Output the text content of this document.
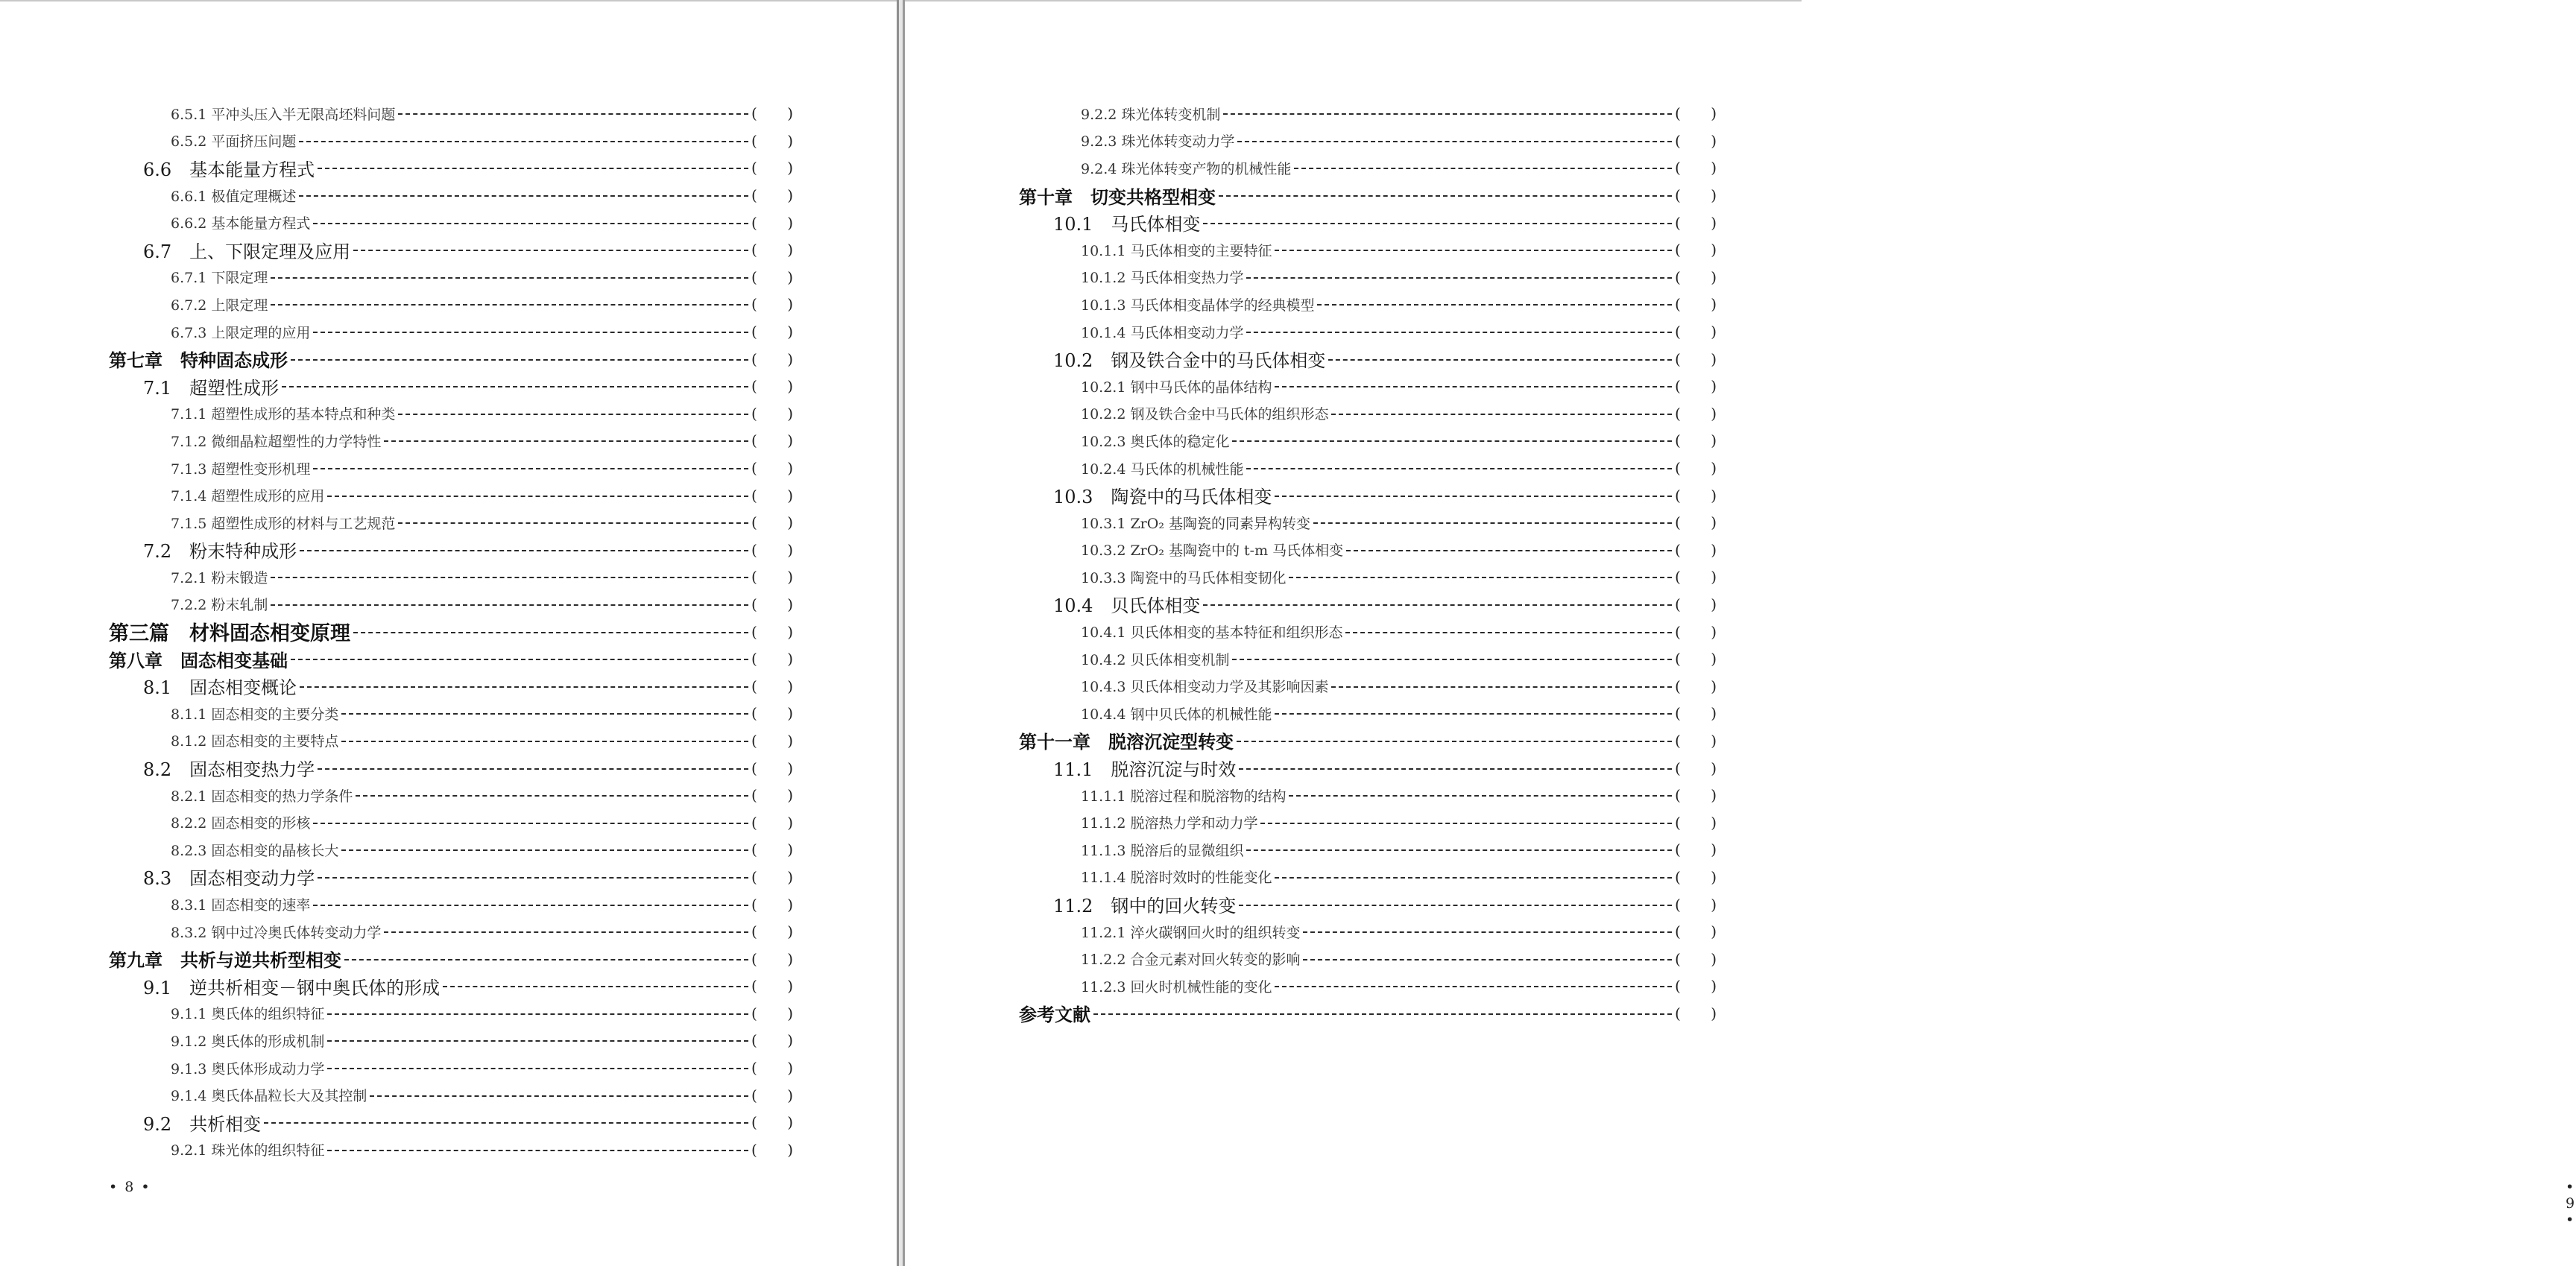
6.5.1 平冲头压入半无限高坯料问题	( )
6.5.2 平面挤压问题	( )
6.6　基本能量方程式	( )
6.6.1 极值定理概述	( )
6.6.2 基本能量方程式	( )
6.7　上、下限定理及应用	( )
6.7.1 下限定理	( )
6.7.2 上限定理	( )
6.7.3 上限定理的应用	( )
第七章　特种固态成形	( )
7.1　超塑性成形	( )
7.1.1 超塑性成形的基本特点和种类	( )
7.1.2 微细晶粒超塑性的力学特性	( )
7.1.3 超塑性变形机理	( )
7.1.4 超塑性成形的应用	( )
7.1.5 超塑性成形的材料与工艺规范	( )
7.2　粉末特种成形	( )
7.2.1 粉末锻造	( )
7.2.2 粉末轧制	( )
第三篇　材料固态相变原理	( )
第八章　固态相变基础	( )
8.1　固态相变概论	( )
8.1.1 固态相变的主要分类	( )
8.1.2 固态相变的主要特点	( )
8.2　固态相变热力学	( )
8.2.1 固态相变的热力学条件	( )
8.2.2 固态相变的形核	( )
8.2.3 固态相变的晶核长大	( )
8.3　固态相变动力学	( )
8.3.1 固态相变的速率	( )
8.3.2 钢中过冷奥氏体转变动力学	( )
第九章　共析与逆共析型相变	( )
9.1　逆共析相变－钢中奥氏体的形成	( )
9.1.1 奥氏体的组织特征	( )
9.1.2 奥氏体的形成机制	( )
9.1.3 奥氏体形成动力学	( )
9.1.4 奥氏体晶粒长大及其控制	( )
9.2　共析相变	( )
9.2.1 珠光体的组织特征	( )
• 8 •
9.2.2 珠光体转变机制	( )
9.2.3 珠光体转变动力学	( )
9.2.4 珠光体转变产物的机械性能	( )
第十章　切变共格型相变	( )
10.1　马氏体相变	( )
10.1.1 马氏体相变的主要特征	( )
10.1.2 马氏体相变热力学	( )
10.1.3 马氏体相变晶体学的经典模型	( )
10.1.4 马氏体相变动力学	( )
10.2　钢及铁合金中的马氏体相变	( )
10.2.1 钢中马氏体的晶体结构	( )
10.2.2 钢及铁合金中马氏体的组织形态	( )
10.2.3 奥氏体的稳定化	( )
10.2.4 马氏体的机械性能	( )
10.3　陶瓷中的马氏体相变	( )
10.3.1 ZrO₂ 基陶瓷的同素异构转变	( )
10.3.2 ZrO₂ 基陶瓷中的 t-m 马氏体相变	( )
10.3.3 陶瓷中的马氏体相变韧化	( )
10.4　贝氏体相变	( )
10.4.1 贝氏体相变的基本特征和组织形态	( )
10.4.2 贝氏体相变机制	( )
10.4.3 贝氏体相变动力学及其影响因素	( )
10.4.4 钢中贝氏体的机械性能	( )
第十一章　脱溶沉淀型转变	( )
11.1　脱溶沉淀与时效	( )
11.1.1 脱溶过程和脱溶物的结构	( )
11.1.2 脱溶热力学和动力学	( )
11.1.3 脱溶后的显微组织	( )
11.1.4 脱溶时效时的性能变化	( )
11.2　钢中的回火转变	( )
11.2.1 淬火碳钢回火时的组织转变	( )
11.2.2 合金元素对回火转变的影响	( )
11.2.3 回火时机械性能的变化	( )
参考文献	( )
• 9 •
